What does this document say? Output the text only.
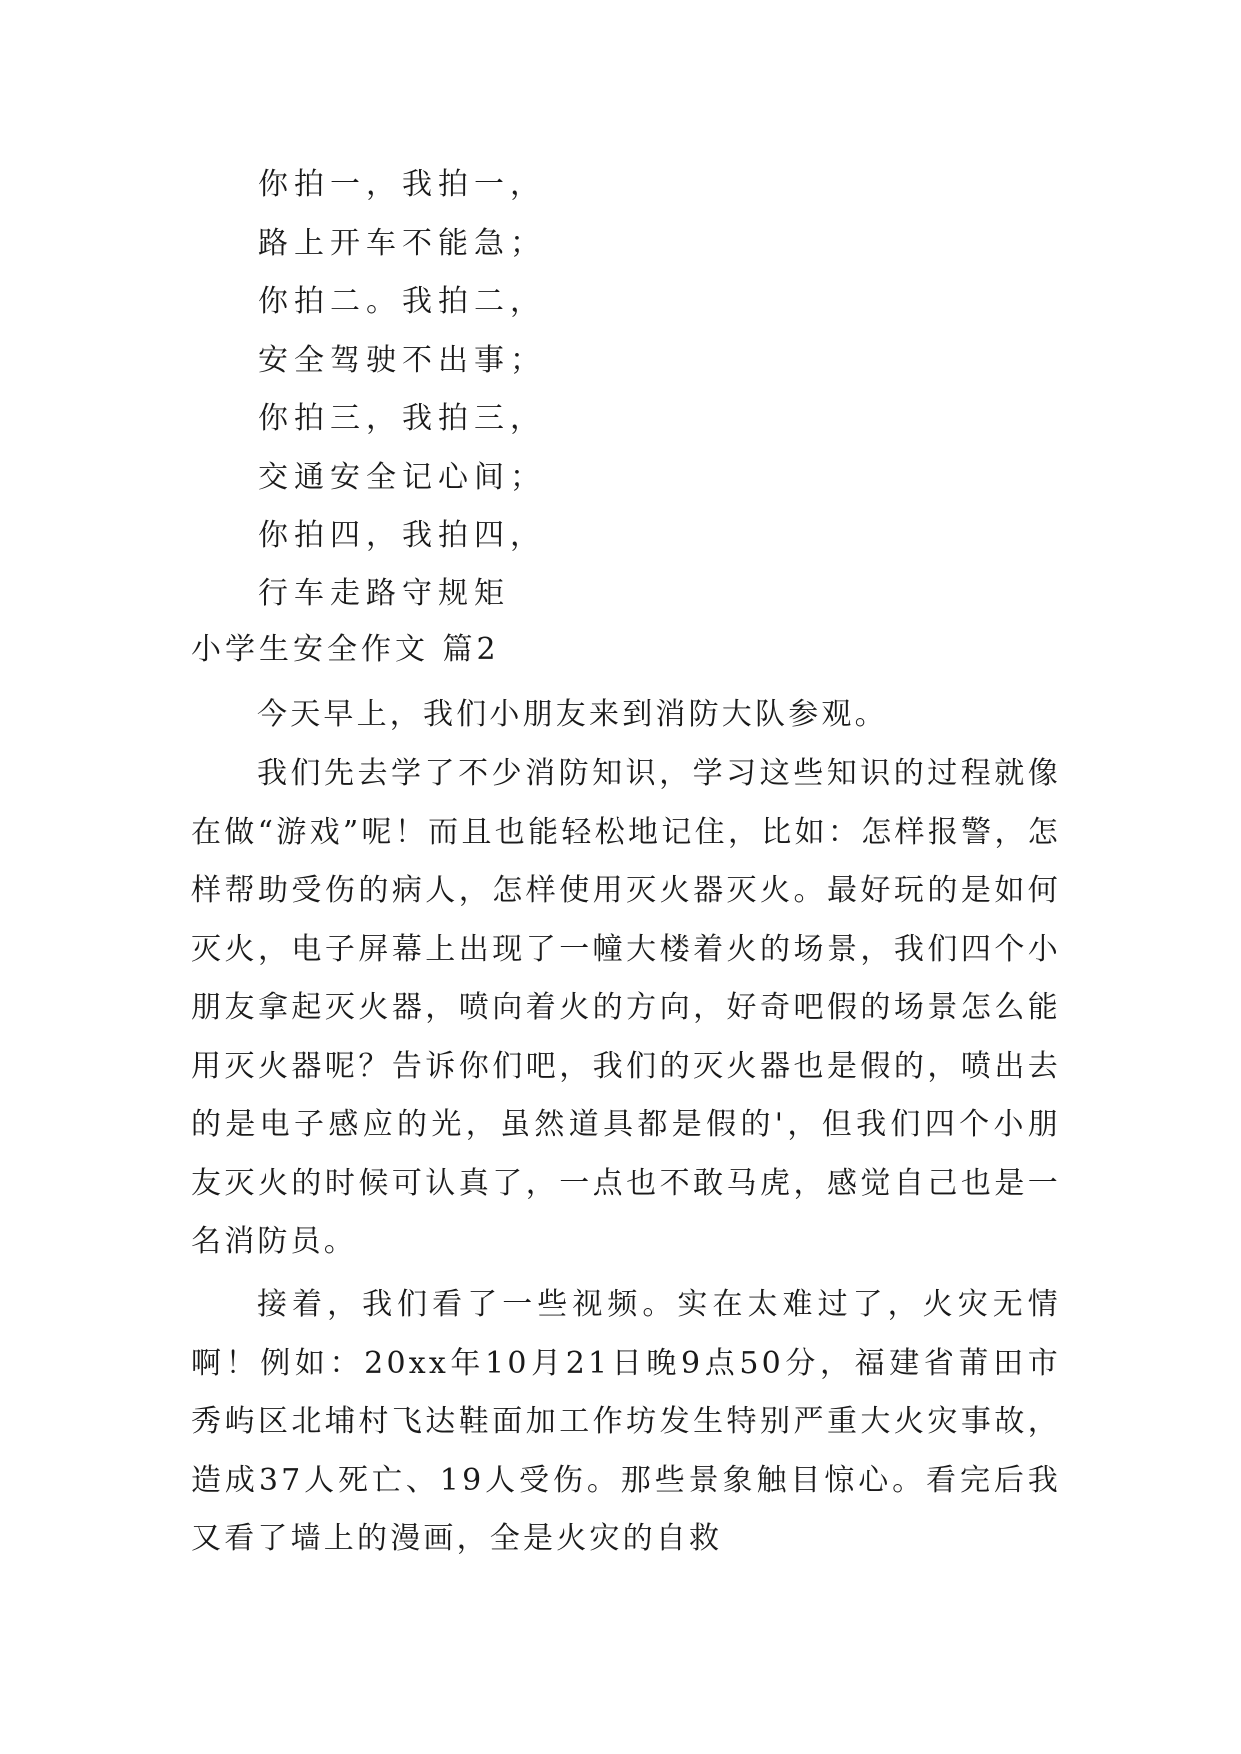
你拍一，我拍一，
路上开车不能急；
你拍二。我拍二，
安全驾驶不出事；
你拍三，我拍三，
交通安全记心间；
你拍四，我拍四，
行车走路守规矩
小学生安全作文 篇2

今天早上，我们小朋友来到消防大队参观。

我们先去学了不少消防知识，学习这些知识的过程就像在做“游戏”呢！而且也能轻松地记住，比如：怎样报警，怎样帮助受伤的病人，怎样使用灭火器灭火。最好玩的是如何灭火，电子屏幕上出现了一幢大楼着火的场景，我们四个小朋友拿起灭火器，喷向着火的方向，好奇吧假的场景怎么能用灭火器呢？告诉你们吧，我们的灭火器也是假的，喷出去的是电子感应的光，虽然道具都是假的'，但我们四个小朋友灭火的时候可认真了，一点也不敢马虎，感觉自己也是一名消防员。

接着，我们看了一些视频。实在太难过了，火灾无情啊！例如：20xx年10月21日晚9点50分，福建省莆田市秀屿区北埔村飞达鞋面加工作坊发生特别严重大火灾事故，造成37人死亡、19人受伤。那些景象触目惊心。看完后我又看了墙上的漫画，全是火灾的自救
